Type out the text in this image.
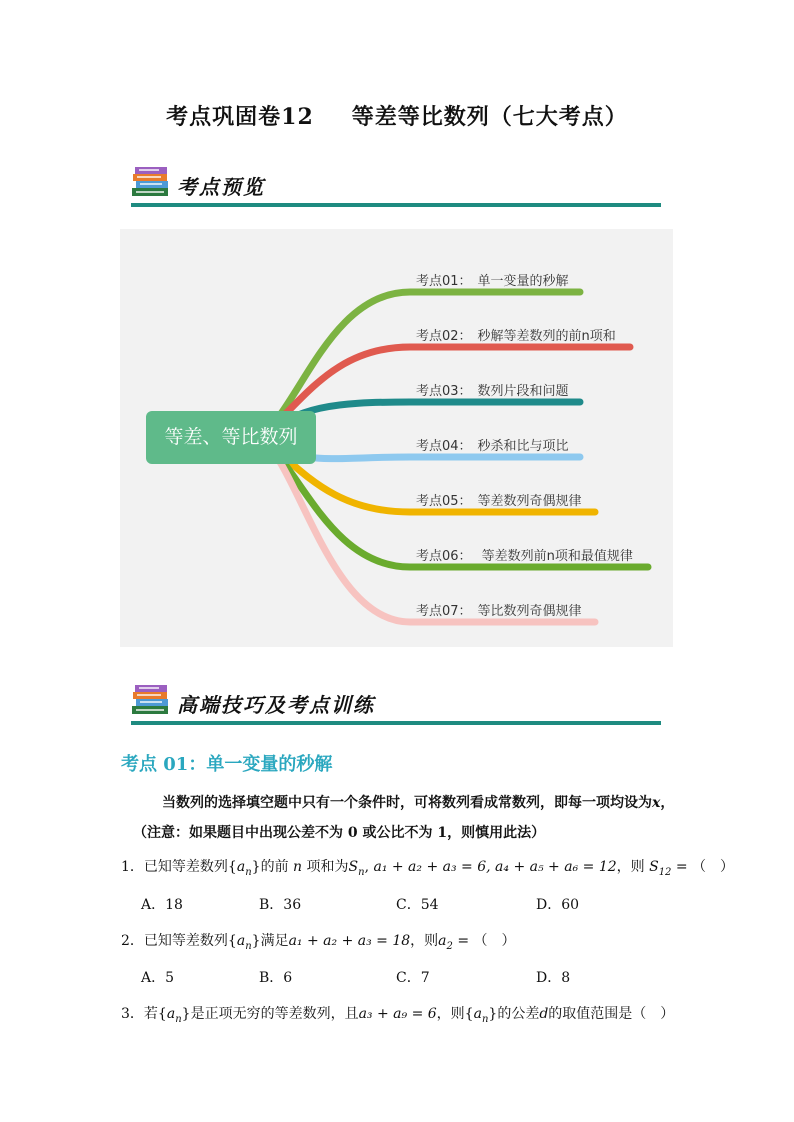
考点巩固卷12 等差等比数列（七大考点）
考点预览
等差、等比数列
考点01： 单一变量的秒解
考点02： 秒解等差数列的前n项和
考点03： 数列片段和问题
考点04： 秒杀和比与项比
考点05： 等差数列奇偶规律
考点06： 等差数列前n项和最值规律
考点07： 等比数列奇偶规律
高端技巧及考点训练
考点 01：单一变量的秒解
当数列的选择填空题中只有一个条件时，可将数列看成常数列，即每一项均设为x，
（注意：如果题目中出现公差不为 0 或公比不为 1，则慎用此法）
1．已知等差数列$\{a_n\}$的前 n 项和为$S_n$, a₁ + a₂ + a₃ = 6, a₄ + a₅ + a₆ = 12，则 $S_{12}$ = （　）
A．18	B．36	C．54	D．60
2．已知等差数列$\{a_n\}$满足a₁ + a₂ + a₃ = 18，则$a_2$ = （　）
A．5	B．6	C．7	D．8
3．若$\{a_n\}$是正项无穷的等差数列，且a₃ + a₉ = 6，则$\{a_n\}$的公差d的取值范围是（　）
